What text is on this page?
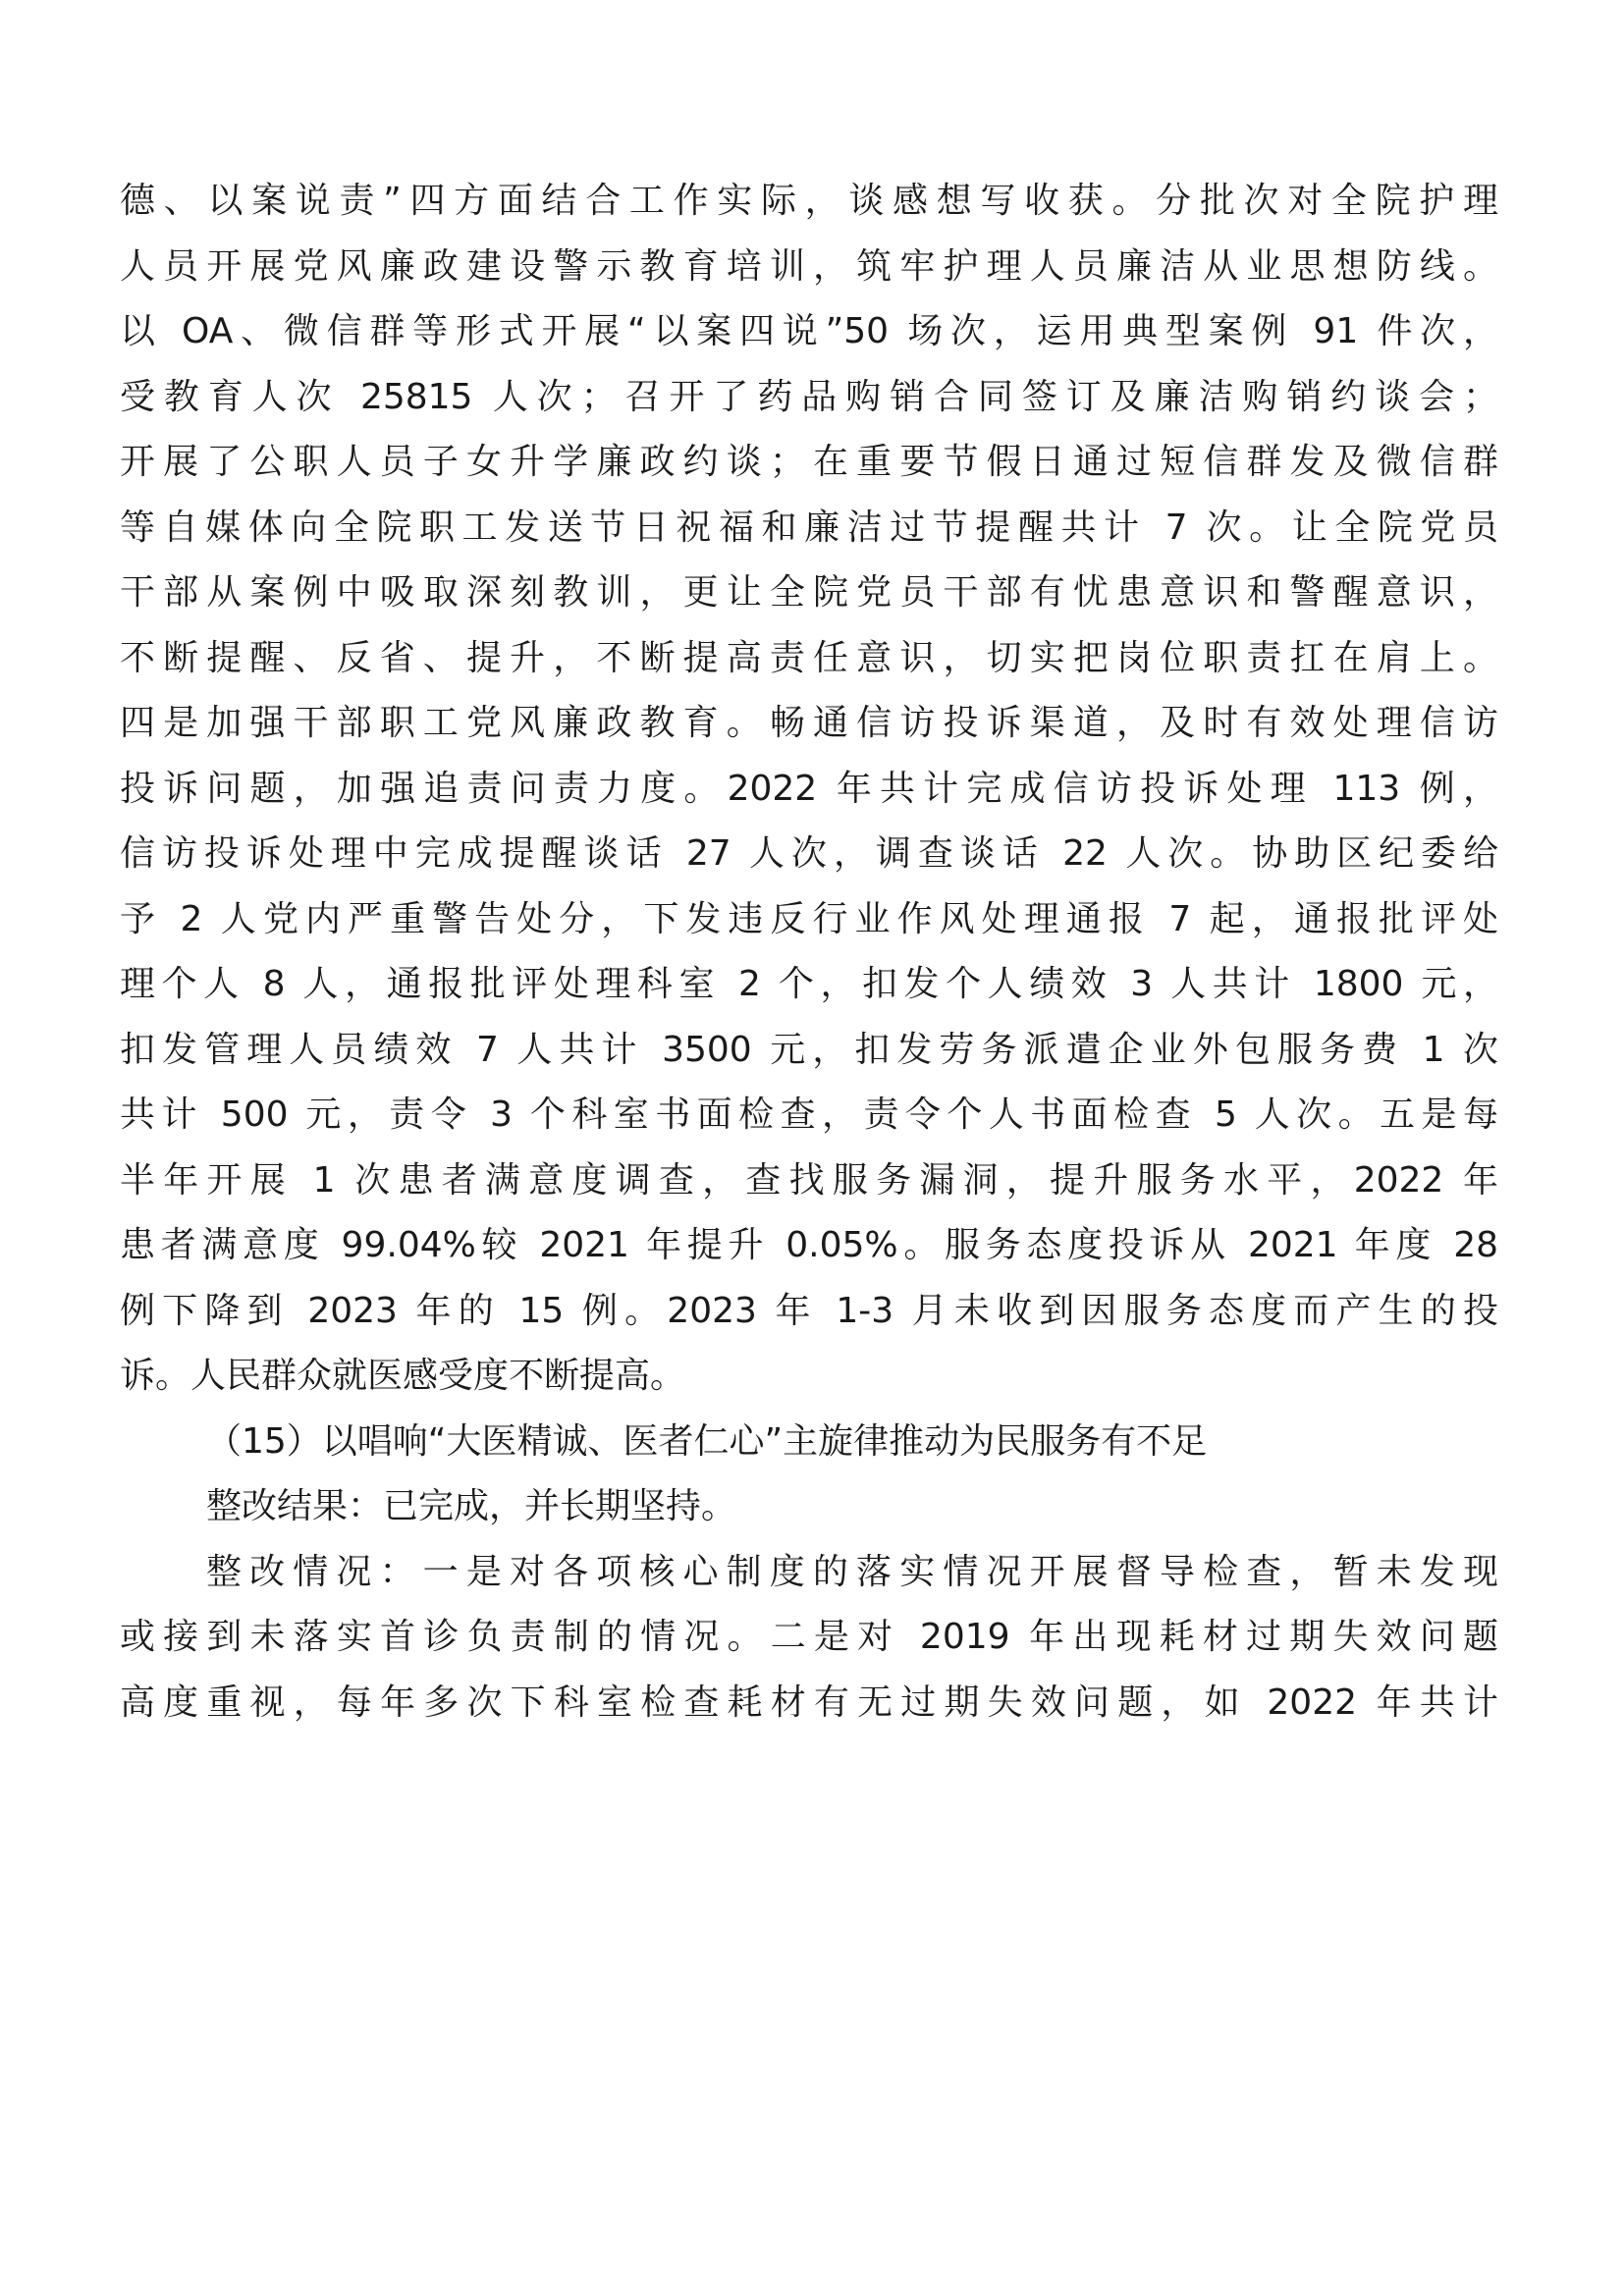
德、以案说责”四方面结合工作实际，谈感想写收获。分批次对全院护理
人员开展党风廉政建设警示教育培训，筑牢护理人员廉洁从业思想防线。
以 OA、微信群等形式开展“以案四说”50 场次，运用典型案例 91 件次，
受教育人次 25815 人次；召开了药品购销合同签订及廉洁购销约谈会；
开展了公职人员子女升学廉政约谈；在重要节假日通过短信群发及微信群
等自媒体向全院职工发送节日祝福和廉洁过节提醒共计 7 次。让全院党员
干部从案例中吸取深刻教训，更让全院党员干部有忧患意识和警醒意识，
不断提醒、反省、提升，不断提高责任意识，切实把岗位职责扛在肩上。
四是加强干部职工党风廉政教育。畅通信访投诉渠道，及时有效处理信访
投诉问题，加强追责问责力度。2022 年共计完成信访投诉处理 113 例，
信访投诉处理中完成提醒谈话 27 人次，调查谈话 22 人次。协助区纪委给
予 2 人党内严重警告处分，下发违反行业作风处理通报 7 起，通报批评处
理个人 8 人，通报批评处理科室 2 个，扣发个人绩效 3 人共计 1800 元，
扣发管理人员绩效 7 人共计 3500 元，扣发劳务派遣企业外包服务费 1 次
共计 500 元，责令 3 个科室书面检查，责令个人书面检查 5 人次。五是每
半年开展 1 次患者满意度调查，查找服务漏洞，提升服务水平，2022 年
患者满意度 99.04%较 2021 年提升 0.05%。服务态度投诉从 2021 年度 28
例下降到 2023 年的 15 例。2023 年 1-3 月未收到因服务态度而产生的投
诉。人民群众就医感受度不断提高。
（15）以唱响“大医精诚、医者仁心”主旋律推动为民服务有不足
整改结果：已完成，并长期坚持。
整改情况：一是对各项核心制度的落实情况开展督导检查，暂未发现
或接到未落实首诊负责制的情况。二是对 2019 年出现耗材过期失效问题
高度重视，每年多次下科室检查耗材有无过期失效问题，如 2022 年共计
